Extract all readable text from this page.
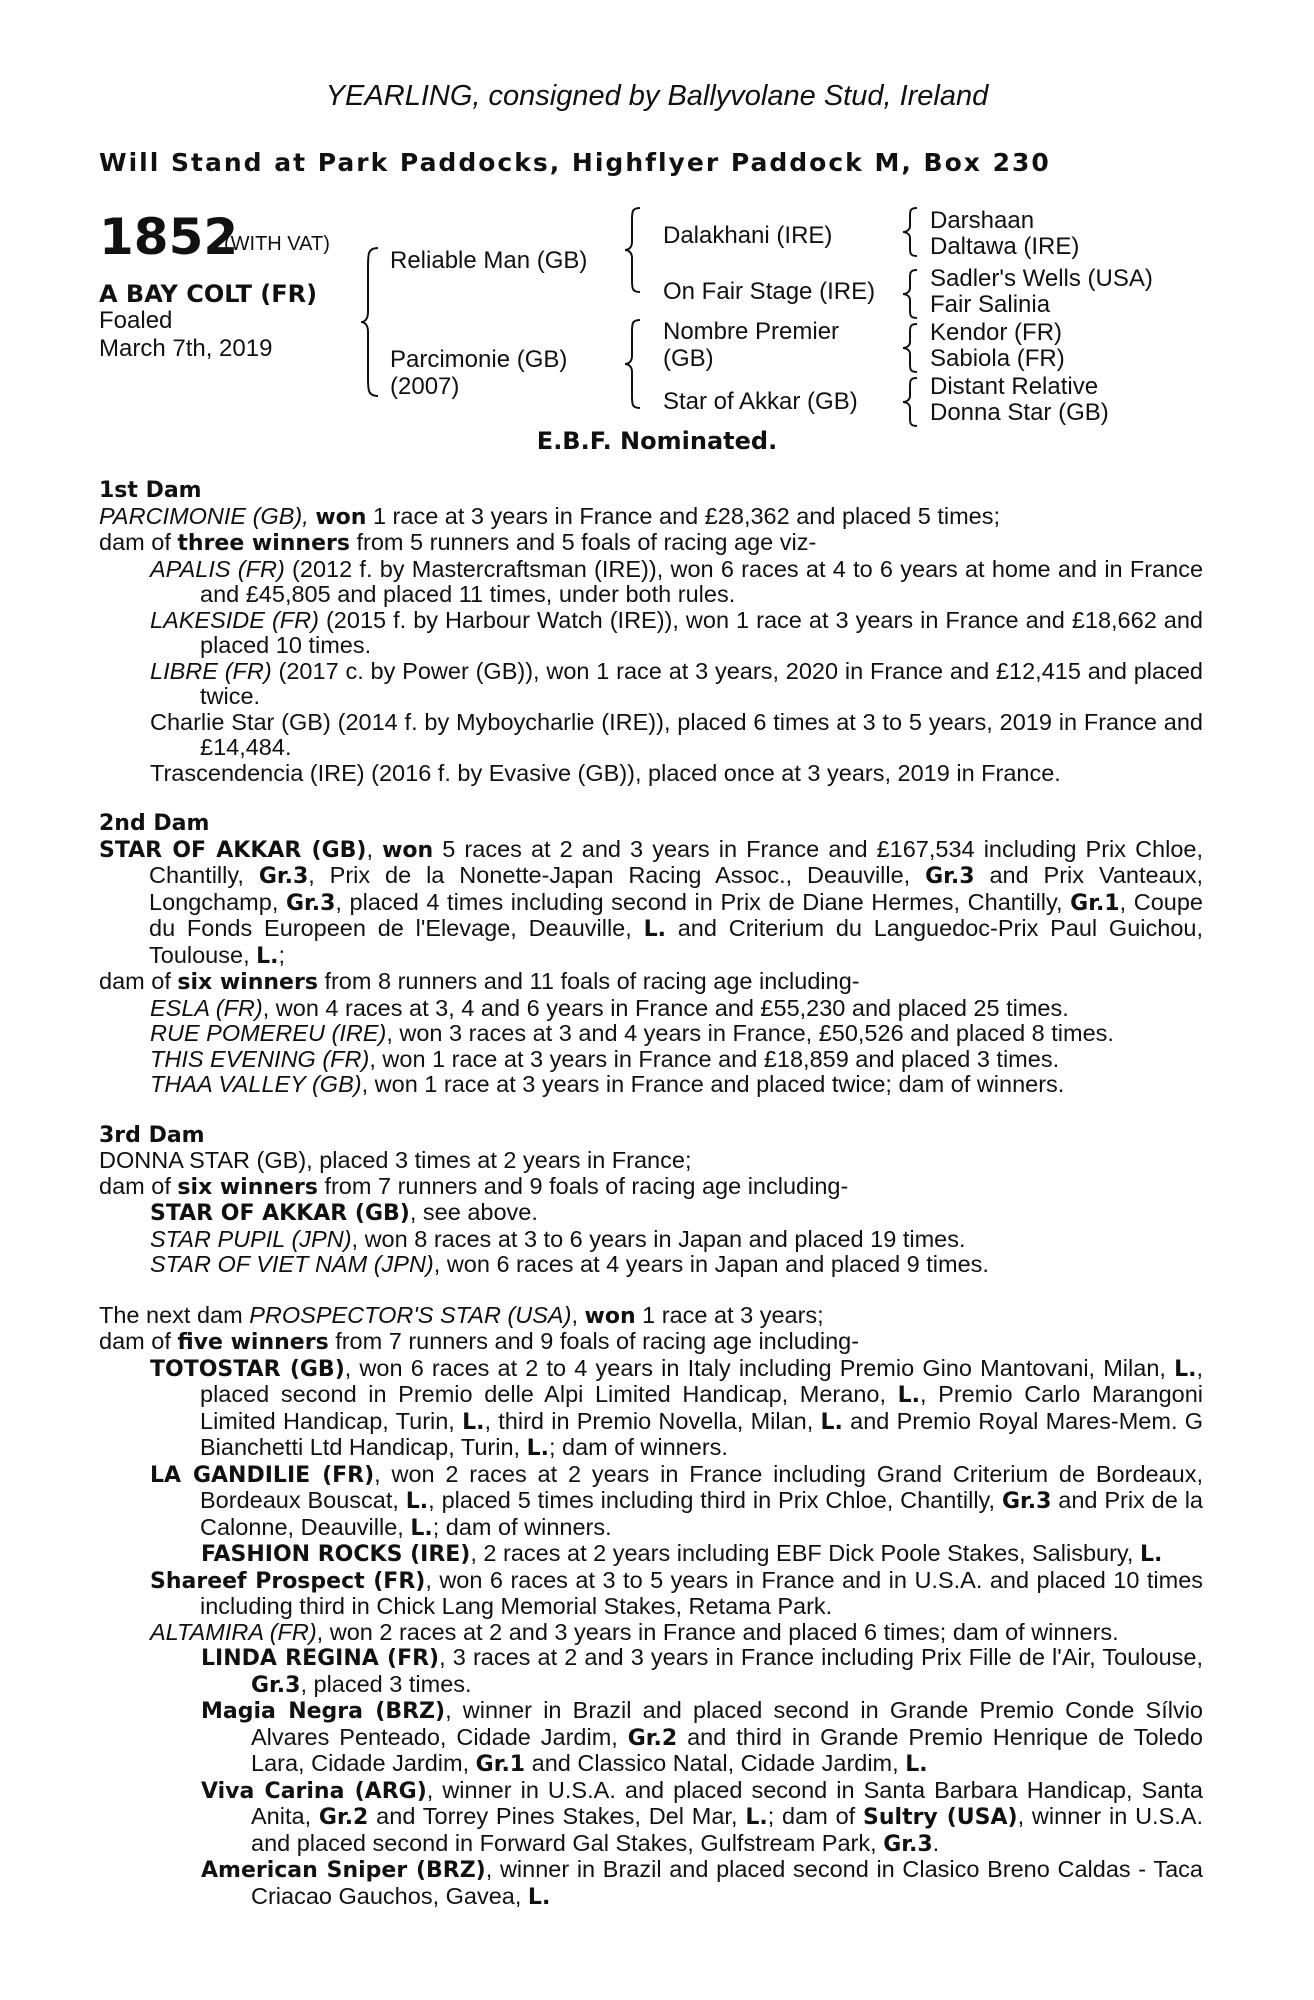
YEARLING, consigned by Ballyvolane Stud, Ireland
Will Stand at Park Paddocks, Highflyer Paddock M, Box 230
1852
(WITH VAT)
A BAY COLT (FR)
Foaled
March 7th, 2019
Reliable Man (GB)
Parcimonie (GB)
(2007)
Dalakhani (IRE)
On Fair Stage (IRE)
Nombre Premier
(GB)
Star of Akkar (GB)
Darshaan
Daltawa (IRE)
Sadler's Wells (USA)
Fair Salinia
Kendor (FR)
Sabiola (FR)
Distant Relative
Donna Star (GB)
E.B.F. Nominated.
1st Dam

PARCIMONIE (GB), won 1 race at 3 years in France and £28,362 and placed 5 times;

dam of three winners from 5 runners and 5 foals of racing age viz-

APALIS (FR) (2012 f. by Mastercraftsman (IRE)), won 6 races at 4 to 6 years at home and in France and £45,805 and placed 11 times, under both rules.

LAKESIDE (FR) (2015 f. by Harbour Watch (IRE)), won 1 race at 3 years in France and £18,662 and placed 10 times.

LIBRE (FR) (2017 c. by Power (GB)), won 1 race at 3 years, 2020 in France and £12,415 and placed twice.

Charlie Star (GB) (2014 f. by Myboycharlie (IRE)), placed 6 times at 3 to 5 years, 2019 in France and £14,484.

Trascendencia (IRE) (2016 f. by Evasive (GB)), placed once at 3 years, 2019 in France.

2nd Dam

STAR OF AKKAR (GB), won 5 races at 2 and 3 years in France and £167,534 including Prix Chloe, Chantilly, Gr.3, Prix de la Nonette-Japan Racing Assoc., Deauville, Gr.3 and Prix Vanteaux, Longchamp, Gr.3, placed 4 times including second in Prix de Diane Hermes, Chantilly, Gr.1, Coupe du Fonds Europeen de l'Elevage, Deauville, L. and Criterium du Languedoc-Prix Paul Guichou, Toulouse, L.;

dam of six winners from 8 runners and 11 foals of racing age including-

ESLA (FR), won 4 races at 3, 4 and 6 years in France and £55,230 and placed 25 times.

RUE POMEREU (IRE), won 3 races at 3 and 4 years in France, £50,526 and placed 8 times.

THIS EVENING (FR), won 1 race at 3 years in France and £18,859 and placed 3 times.

THAA VALLEY (GB), won 1 race at 3 years in France and placed twice; dam of winners.

3rd Dam

DONNA STAR (GB), placed 3 times at 2 years in France;

dam of six winners from 7 runners and 9 foals of racing age including-

STAR OF AKKAR (GB), see above.

STAR PUPIL (JPN), won 8 races at 3 to 6 years in Japan and placed 19 times.

STAR OF VIET NAM (JPN), won 6 races at 4 years in Japan and placed 9 times.

The next dam PROSPECTOR'S STAR (USA), won 1 race at 3 years;

dam of five winners from 7 runners and 9 foals of racing age including-

TOTOSTAR (GB), won 6 races at 2 to 4 years in Italy including Premio Gino Mantovani, Milan, L., placed second in Premio delle Alpi Limited Handicap, Merano, L., Premio Carlo Marangoni Limited Handicap, Turin, L., third in Premio Novella, Milan, L. and Premio Royal Mares-Mem. G Bianchetti Ltd Handicap, Turin, L.; dam of winners.

LA GANDILIE (FR), won 2 races at 2 years in France including Grand Criterium de Bordeaux, Bordeaux Bouscat, L., placed 5 times including third in Prix Chloe, Chantilly, Gr.3 and Prix de la Calonne, Deauville, L.; dam of winners.

FASHION ROCKS (IRE), 2 races at 2 years including EBF Dick Poole Stakes, Salisbury, L.

Shareef Prospect (FR), won 6 races at 3 to 5 years in France and in U.S.A. and placed 10 times including third in Chick Lang Memorial Stakes, Retama Park.

ALTAMIRA (FR), won 2 races at 2 and 3 years in France and placed 6 times; dam of winners.

LINDA REGINA (FR), 3 races at 2 and 3 years in France including Prix Fille de l'Air, Toulouse, Gr.3, placed 3 times.

Magia Negra (BRZ), winner in Brazil and placed second in Grande Premio Conde Sílvio Alvares Penteado, Cidade Jardim, Gr.2 and third in Grande Premio Henrique de Toledo Lara, Cidade Jardim, Gr.1 and Classico Natal, Cidade Jardim, L.

Viva Carina (ARG), winner in U.S.A. and placed second in Santa Barbara Handicap, Santa Anita, Gr.2 and Torrey Pines Stakes, Del Mar, L.; dam of Sultry (USA), winner in U.S.A. and placed second in Forward Gal Stakes, Gulfstream Park, Gr.3.

American Sniper (BRZ), winner in Brazil and placed second in Clasico Breno Caldas - Taca Criacao Gauchos, Gavea, L.
